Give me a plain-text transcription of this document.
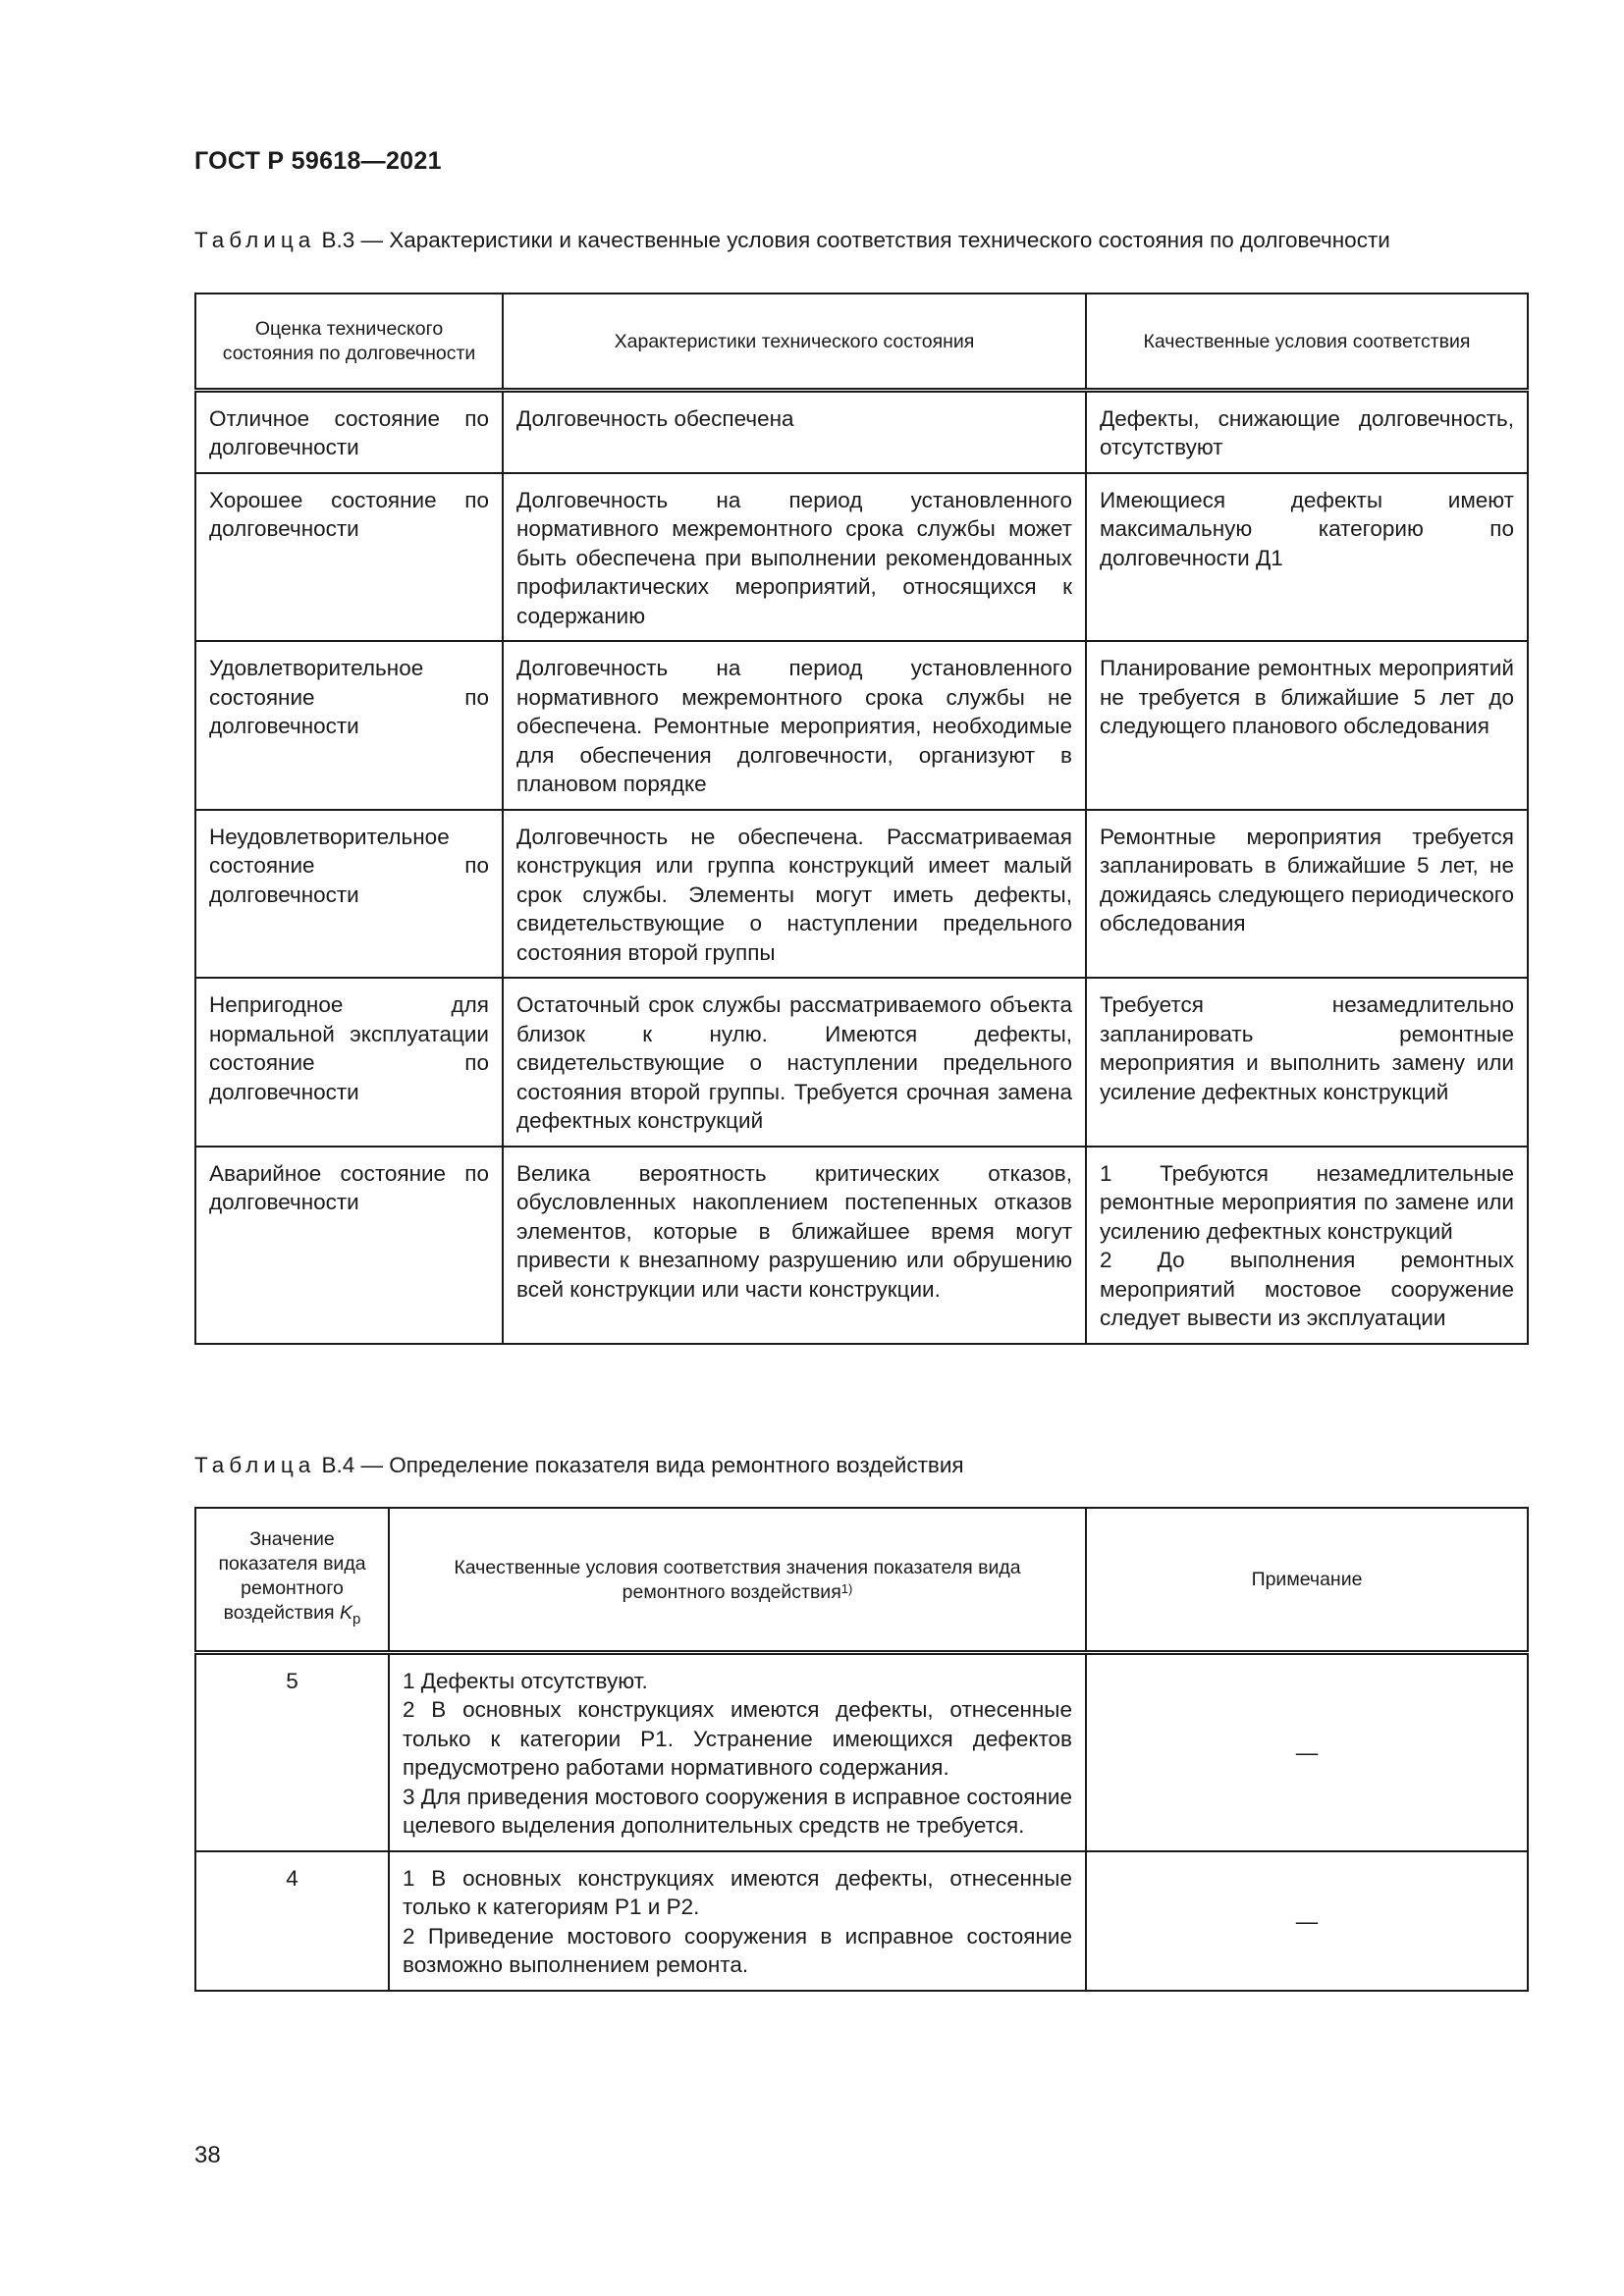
ГОСТ Р 59618—2021
Таблица В.3 — Характеристики и качественные условия соответствия технического состояния по долговечности
Оценка технического состояния по долговечности	Характеристики технического состояния	Качественные условия соответствия
Отличное состояние по долговечности	Долговечность обеспечена	Дефекты, снижающие долговечность, отсутствуют
Хорошее состояние по долговечности	Долговечность на период установленного нормативного межремонтного срока службы может быть обеспечена при выполнении рекомендованных профилактических мероприятий, относящихся к содержанию	Имеющиеся дефекты имеют максимальную категорию по долговечности Д1
Удовлетворительное состояние по долговечности	Долговечность на период установленного нормативного межремонтного срока службы не обеспечена. Ремонтные мероприятия, необходимые для обеспечения долговечности, организуют в плановом порядке	Планирование ремонтных мероприятий не требуется в ближайшие 5 лет до следующего планового обследования
Неудовлетворительное состояние по долговечности	Долговечность не обеспечена. Рассматриваемая конструкция или группа конструкций имеет малый срок службы. Элементы могут иметь дефекты, свидетельствующие о наступлении предельного состояния второй группы	Ремонтные мероприятия требуется запланировать в ближайшие 5 лет, не дожидаясь следующего периодического обследования
Непригодное для нормальной эксплуатации состояние по долговечности	Остаточный срок службы рассматриваемого объекта близок к нулю. Имеются дефекты, свидетельствующие о наступлении предельного состояния второй группы. Требуется срочная замена дефектных конструкций	Требуется незамедлительно запланировать ремонтные мероприятия и выполнить замену или усиление дефектных конструкций
Аварийное состояние по долговечности	Велика вероятность критических отказов, обусловленных накоплением постепенных отказов элементов, которые в ближайшее время могут привести к внезапному разрушению или обрушению всей конструкции или части конструкции.	1 Требуются незамедлительные ремонтные мероприятия по замене или усилению дефектных конструкций
2 До выполнения ремонтных мероприятий мостовое сооружение следует вывести из эксплуатации
Таблица В.4 — Определение показателя вида ремонтного воздействия
Значение показателя вида ремонтного воздействия $K_р$	Качественные условия соответствия значения показателя вида ремонтного воздействия$^{1)}$	Примечание
5	1 Дефекты отсутствуют.
2 В основных конструкциях имеются дефекты, отнесенные только к категории Р1. Устранение имеющихся дефектов предусмотрено работами нормативного содержания.
3 Для приведения мостового сооружения в исправное состояние целевого выделения дополнительных средств не требуется.	—
4	1 В основных конструкциях имеются дефекты, отнесенные только к категориям Р1 и Р2.
2 Приведение мостового сооружения в исправное состояние возможно выполнением ремонта.	—
38
